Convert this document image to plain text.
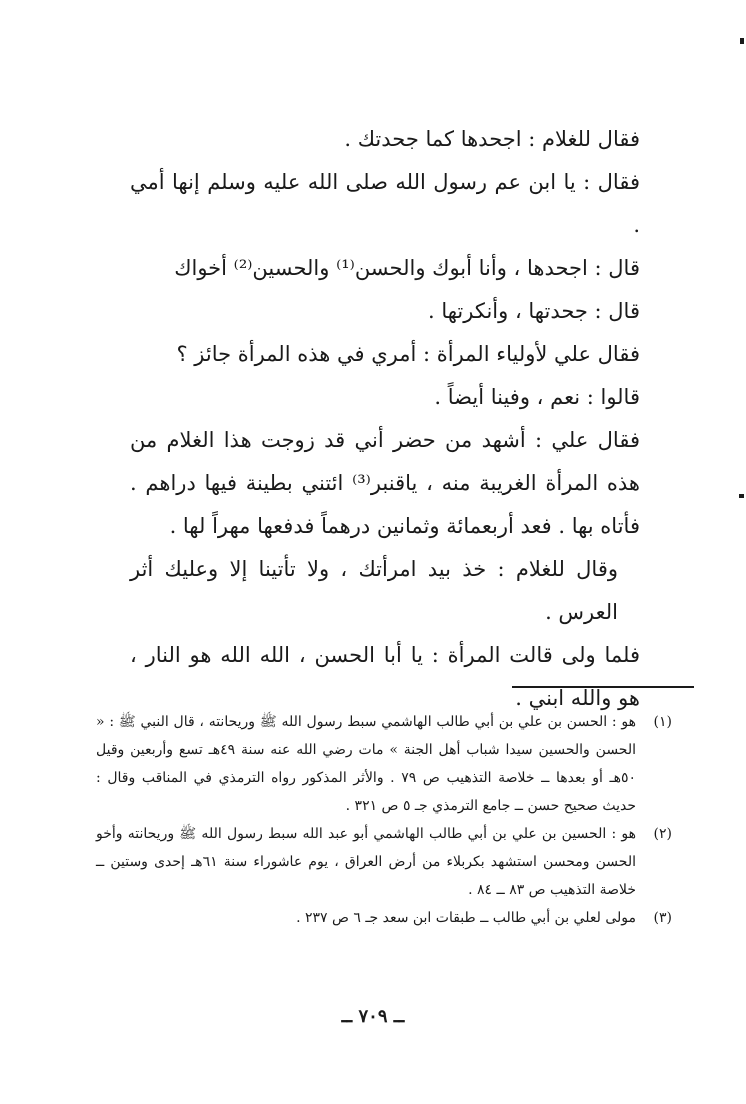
فقال للغلام : اجحدها كما جحدتك .

فقال : يا ابن عم رسول الله صلى الله عليه وسلم إنها أمي .

قال : اجحدها ، وأنا أبوك والحسن⁽¹⁾ والحسين⁽²⁾ أخواك

قال : جحدتها ، وأنكرتها .

فقال علي لأولياء المرأة : أمري في هذه المرأة جائز ؟

قالوا : نعم ، وفينا أيضاً .

فقال علي : أشهد من حضر أني قد زوجت هذا الغلام من هذه المرأة الغريبة منه ، ياقنبر⁽³⁾ ائتني بطينة فيها دراهم . فأتاه بها . فعد أربعمائة وثمانين درهماً فدفعها مهراً لها .

وقال للغلام : خذ بيد امرأتك ، ولا تأتينا إلا وعليك أثر العرس .

فلما ولى قالت المرأة : يا أبا الحسن ، الله الله هو النار ، هو والله ابني .

(١)
هو : الحسن بن علي بن أبي طالب الهاشمي سبط رسول الله ﷺ وريحانته ، قال النبي ﷺ : « الحسن والحسين سيدا شباب أهل الجنة » مات رضي الله عنه سنة ٤٩هـ تسع وأربعين وقيل ٥٠هـ أو بعدها ــ خلاصة التذهيب ص ٧٩ . والأثر المذكور رواه الترمذي في المناقب وقال : حديث صحيح حسن ــ جامع الترمذي جـ ٥ ص ٣٢١ .
(٢)
هو : الحسين بن علي بن أبي طالب الهاشمي أبو عبد الله سبط رسول الله ﷺ وريحانته وأخو الحسن ومحسن استشهد بكربلاء من أرض العراق ، يوم عاشوراء سنة ٦١هـ إحدى وستين ــ خلاصة التذهيب ص ٨٣ ــ ٨٤ .
(٣)
مولى لعلي بن أبي طالب ــ طبقات ابن سعد جـ ٦ ص ٢٣٧ .
ــ ٧٠٩ ــ
